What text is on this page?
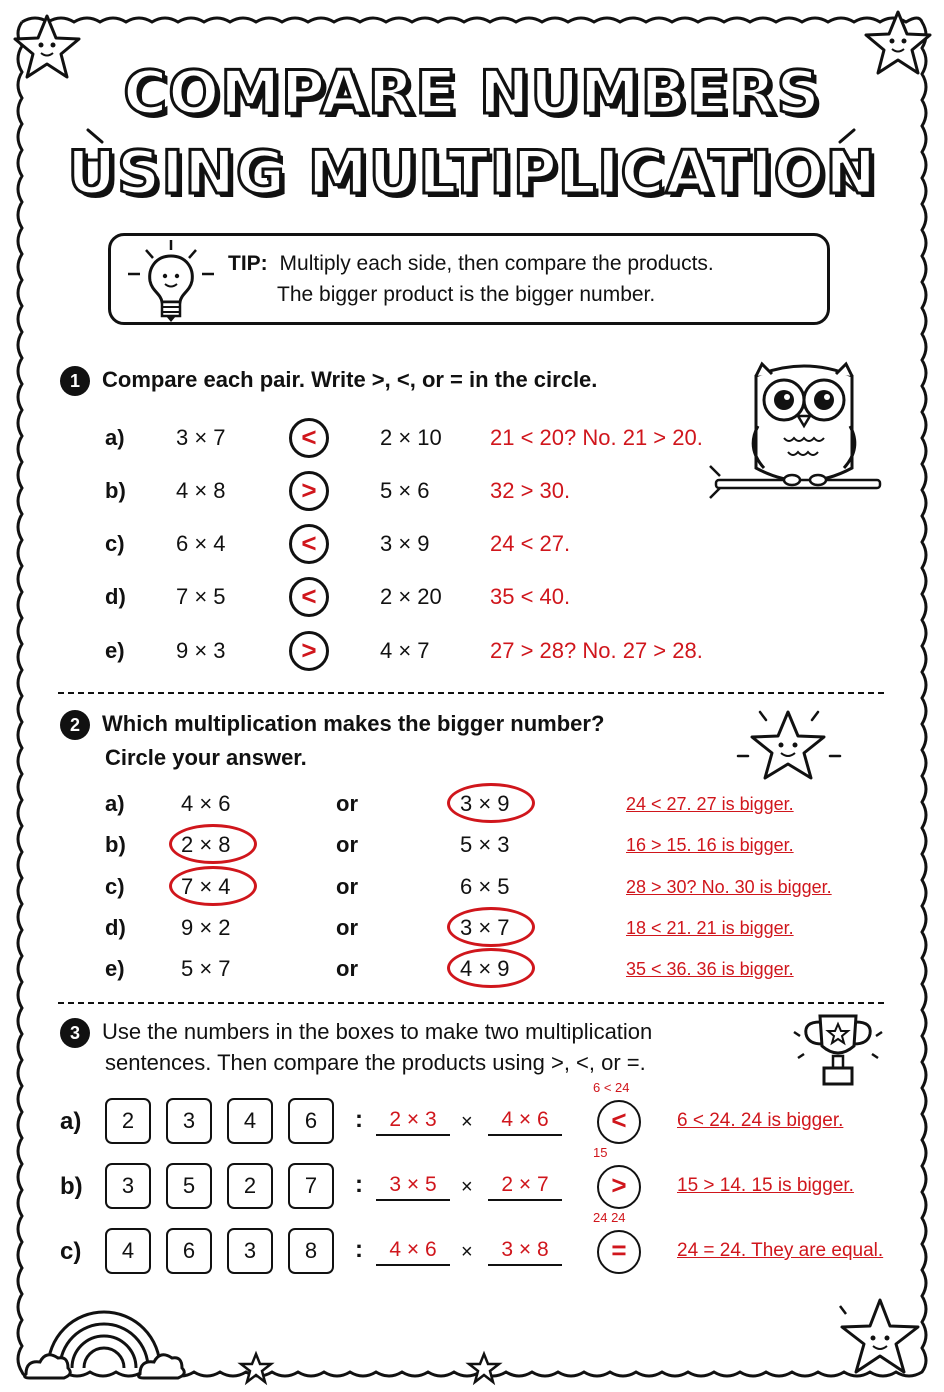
COMPARE NUMBERS
USING MULTIPLICATION
TIP: Multiply each side, then compare the products.
The bigger product is the bigger number.
1 Compare each pair. Write >, <, or = in the circle.
a) 3 × 7	<	2 × 10 21 < 20? No. 21 > 20.
b) 4 × 8	>	5 × 6	32 > 30.
c) 6 × 4	<	3 × 9	24 < 27.
d) 7 × 5	<	2 × 20 35 < 40.
e) 9 × 3	>	4 × 7	27 > 28? No. 27 > 28.
2 Which multiplication makes the bigger number?
Circle your answer.
a)	4 × 6	or	3 × 9	24 < 27. 27 is bigger.
b)	2 × 8	or	5 × 3	16 > 15. 16 is bigger.
c)	7 × 4	or	6 × 5	28 > 30? No. 30 is bigger.
d)	9 × 2	or	3 × 7	18 < 21. 21 is bigger.
e)	5 × 7	or	4 × 9	35 < 36. 36 is bigger.
3 Use the numbers in the boxes to make two multiplication
sentences. Then compare the products using >, <, or =.
a)	2	3	4	6	:	2 × 3	×	4 × 6	<
6 < 24
6 < 24. 24 is bigger.
b)	3	5	2	7	:	3 × 5	×	2 × 7	>
15
15 > 14. 15 is bigger.
c)	4	6	3	8	:	4 × 6	×	3 × 8	=
24 24
24 = 24. They are equal.
